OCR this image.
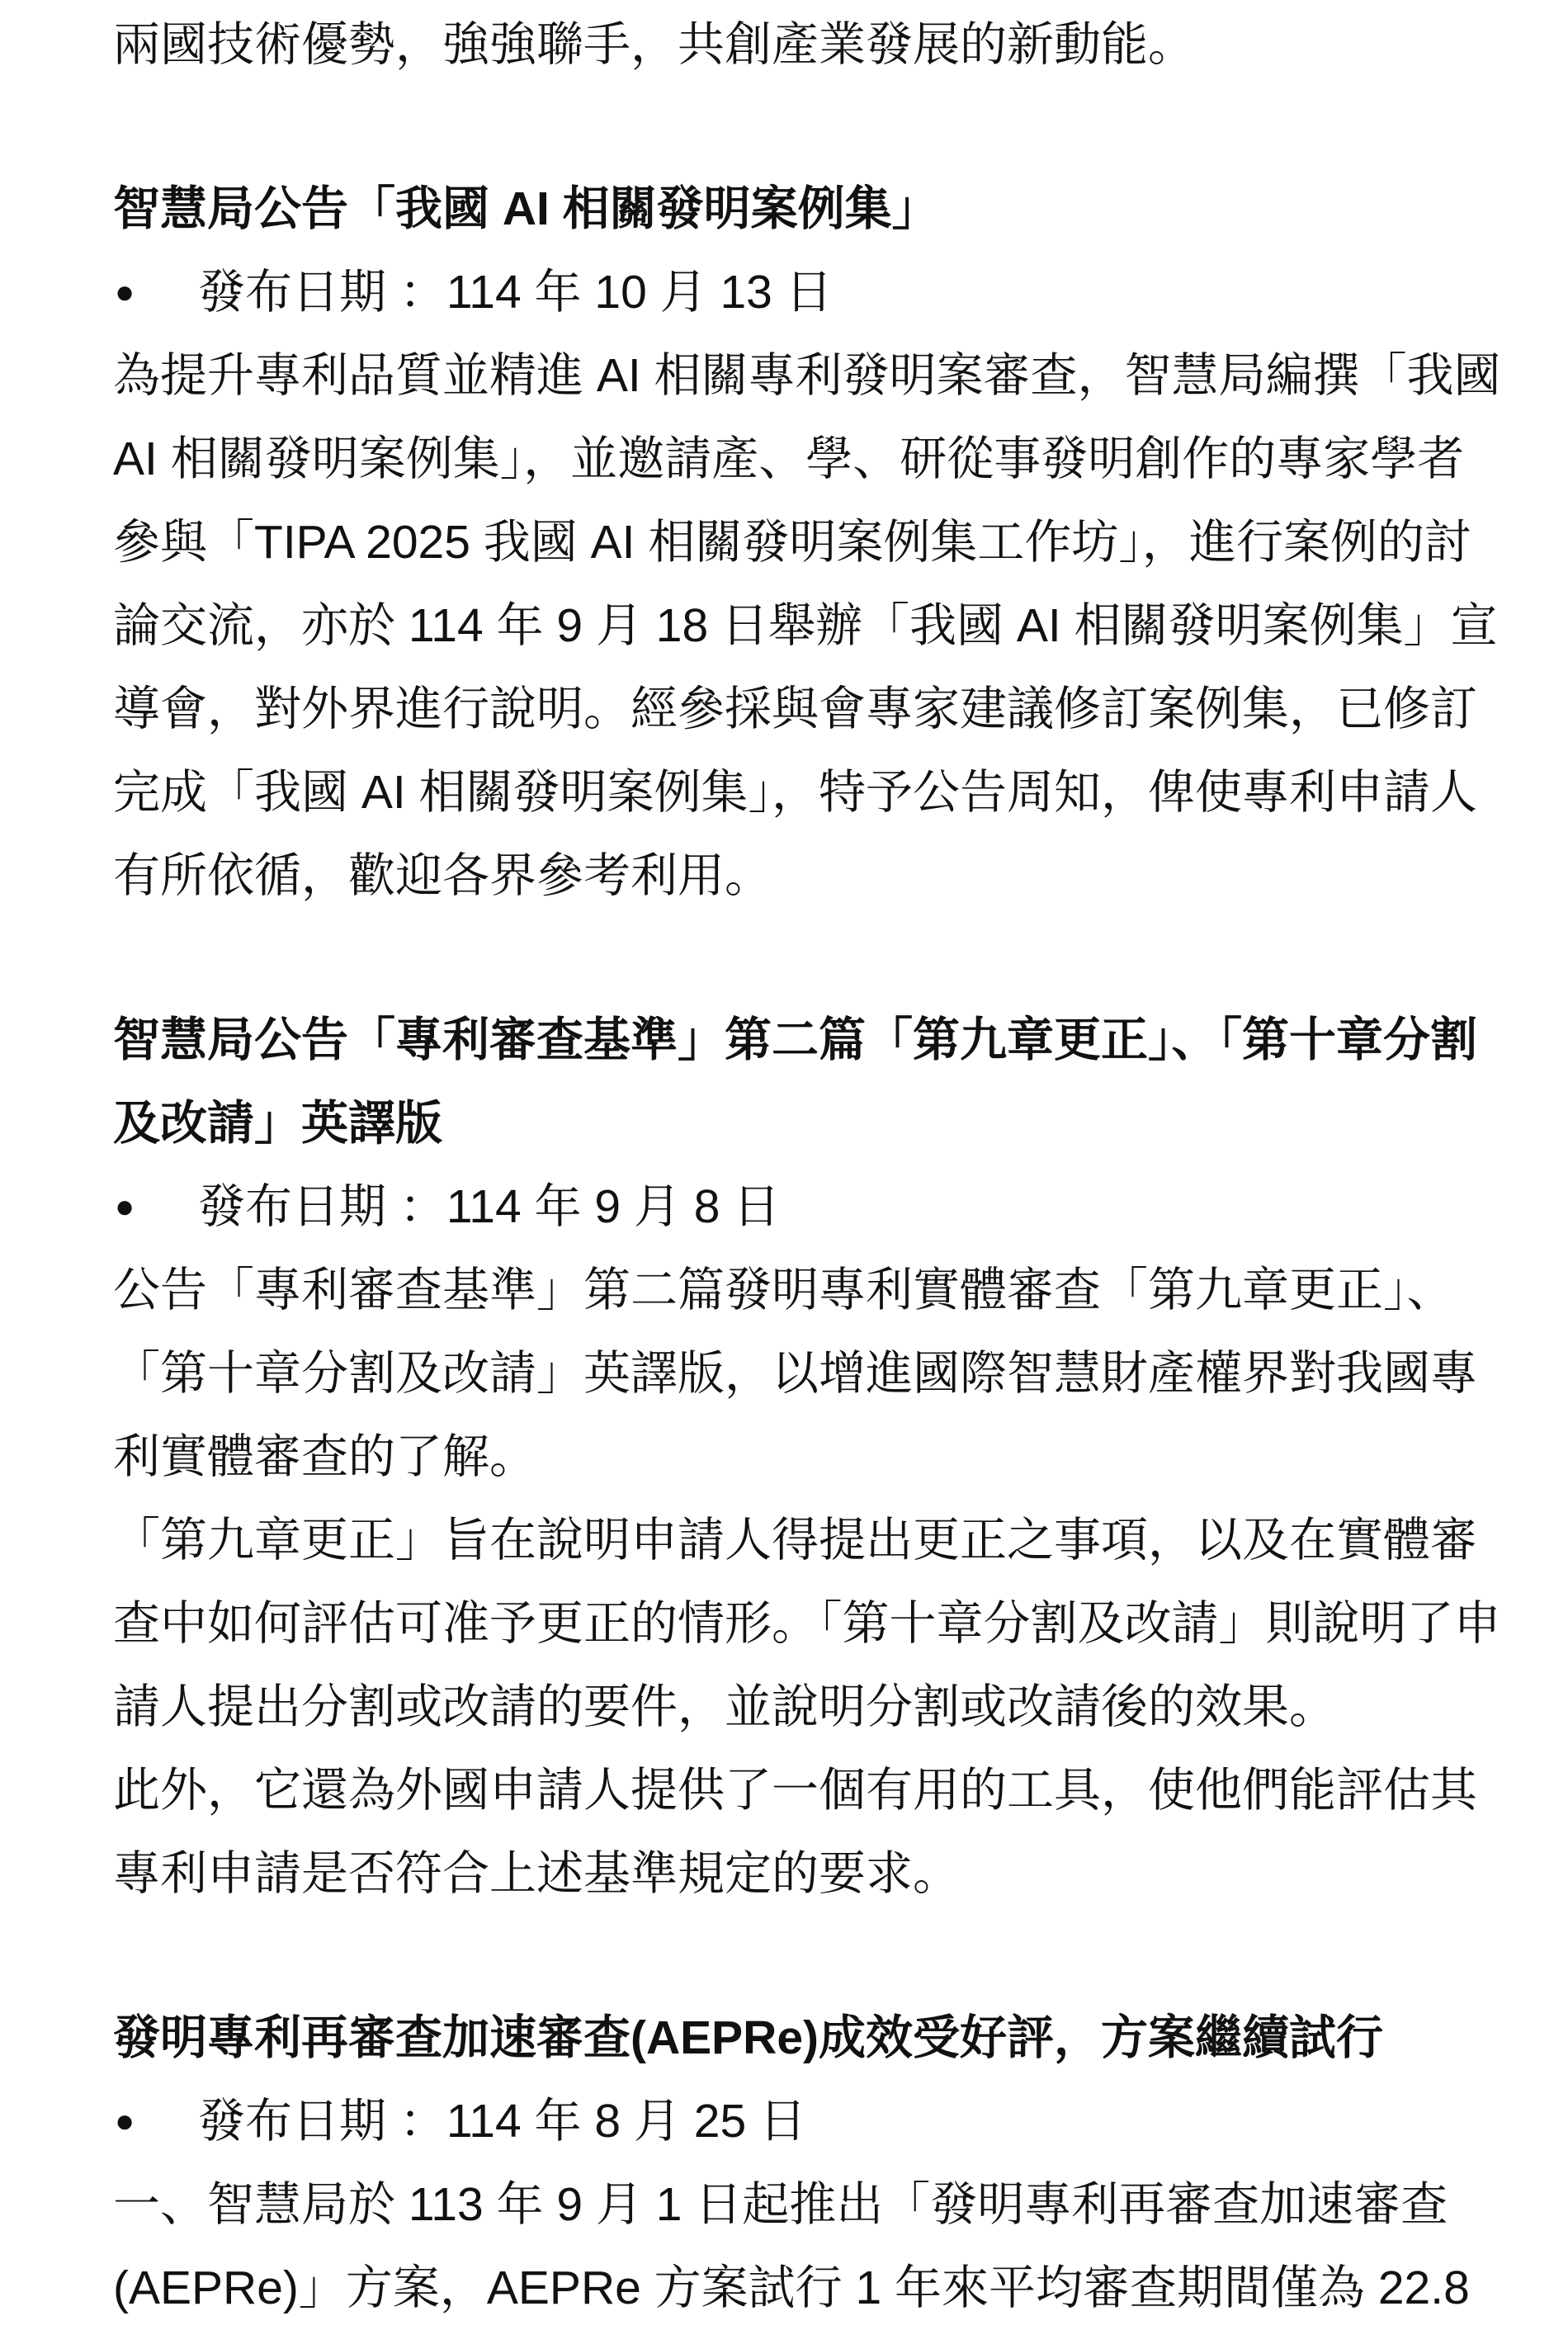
兩國技術優勢，強強聯手，共創產業發展的新動能。
智慧局公告「我國 AI 相關發明案例集」
● 發布日期 ：114 年 10 月 13 日
為提升專利品質並精進 AI 相關專利發明案審查，智慧局編撰「我國
AI 相關發明案例集」，並邀請產、學、研從事發明創作的專家學者
參與「TIPA 2025 我國 AI 相關發明案例集工作坊」，進行案例的討
論交流，亦於 114 年 9 月 18 日舉辦「我國 AI 相關發明案例集」宣
導會，對外界進行說明。經參採與會專家建議修訂案例集，已修訂
完成「我國 AI 相關發明案例集」，特予公告周知，俾使專利申請人
有所依循，歡迎各界參考利用。
智慧局公告「專利審查基準」第二篇「第九章更正」、「第十章分割
及改請」英譯版
● 發布日期 ：114 年 9 月 8 日
公告「專利審查基準」第二篇發明專利實體審查「第九章更正」、
「第十章分割及改請」英譯版，以增進國際智慧財產權界對我國專
利實體審查的了解。
「第九章更正」旨在說明申請人得提出更正之事項，以及在實體審
查中如何評估可准予更正的情形。「第十章分割及改請」則說明了申
請人提出分割或改請的要件，並說明分割或改請後的效果。
此外，它還為外國申請人提供了一個有用的工具，使他們能評估其
專利申請是否符合上述基準規定的要求。
發明專利再審查加速審查(AEPRe)成效受好評，方案繼續試行
● 發布日期 ：114 年 8 月 25 日
一、智慧局於 113 年 9 月 1 日起推出「發明專利再審查加速審查
(AEPRe)」方案，AEPRe 方案試行 1 年來平均審查期間僅為 22.8
